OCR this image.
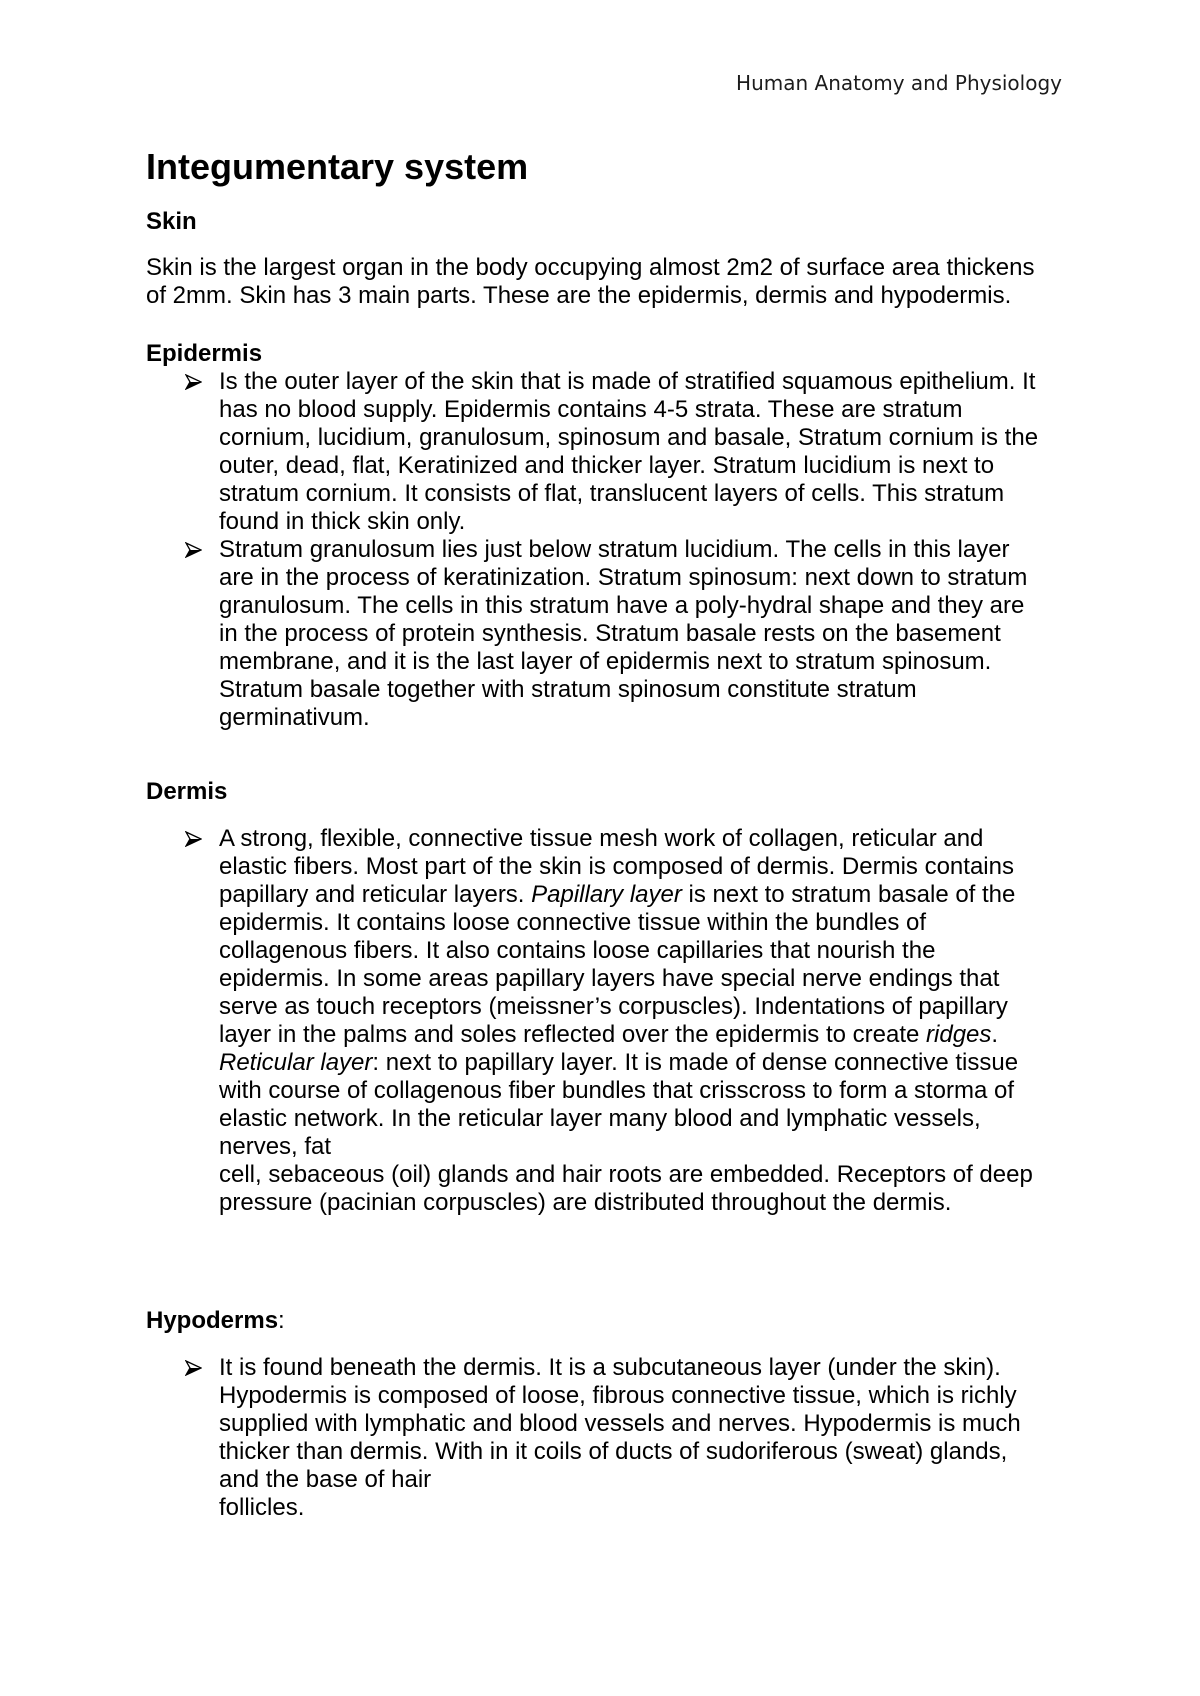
Human Anatomy and Physiology
Integumentary system
Skin
Skin is the largest organ in the body occupying almost 2m2 of surface area thickens
of 2mm. Skin has 3 main parts. These are the epidermis, dermis and hypodermis.
Epidermis
Is the outer layer of the skin that is made of stratified squamous epithelium. It
has no blood supply. Epidermis contains 4-5 strata. These are stratum
cornium, lucidium, granulosum, spinosum and basale, Stratum cornium is the
outer, dead, flat, Keratinized and thicker layer. Stratum lucidium is next to
stratum cornium. It consists of flat, translucent layers of cells. This stratum
found in thick skin only.
Stratum granulosum lies just below stratum lucidium. The cells in this layer
are in the process of keratinization. Stratum spinosum: next down to stratum
granulosum. The cells in this stratum have a poly-hydral shape and they are
in the process of protein synthesis. Stratum basale rests on the basement
membrane, and it is the last layer of epidermis next to stratum spinosum.
Stratum basale together with stratum spinosum constitute stratum
germinativum.
Dermis
A strong, flexible, connective tissue mesh work of collagen, reticular and
elastic fibers. Most part of the skin is composed of dermis. Dermis contains
papillary and reticular layers. Papillary layer is next to stratum basale of the
epidermis. It contains loose connective tissue within the bundles of
collagenous fibers. It also contains loose capillaries that nourish the
epidermis. In some areas papillary layers have special nerve endings that
serve as touch receptors (meissner’s corpuscles). Indentations of papillary
layer in the palms and soles reflected over the epidermis to create ridges.
Reticular layer: next to papillary layer. It is made of dense connective tissue
with course of collagenous fiber bundles that crisscross to form a storma of
elastic network. In the reticular layer many blood and lymphatic vessels,
nerves, fat
cell, sebaceous (oil) glands and hair roots are embedded. Receptors of deep
pressure (pacinian corpuscles) are distributed throughout the dermis.
Hypoderms:
It is found beneath the dermis. It is a subcutaneous layer (under the skin).
Hypodermis is composed of loose, fibrous connective tissue, which is richly
supplied with lymphatic and blood vessels and nerves. Hypodermis is much
thicker than dermis. With in it coils of ducts of sudoriferous (sweat) glands,
and the base of hair
follicles.
